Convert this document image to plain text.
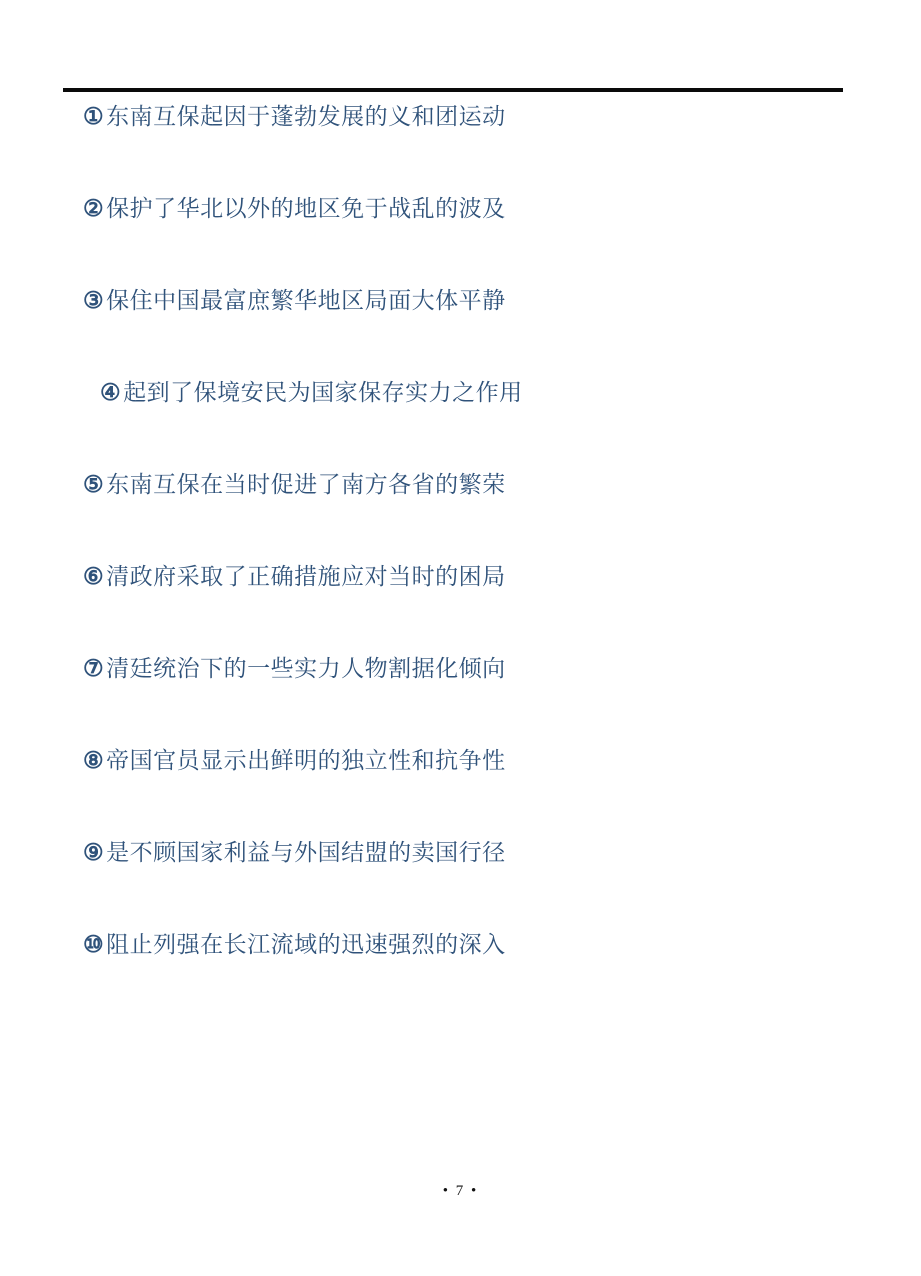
①东南互保起因于蓬勃发展的义和团运动
②保护了华北以外的地区免于战乱的波及
③保住中国最富庶繁华地区局面大体平静
④起到了保境安民为国家保存实力之作用
⑤东南互保在当时促进了南方各省的繁荣
⑥清政府采取了正确措施应对当时的困局
⑦清廷统治下的一些实力人物割据化倾向
⑧帝国官员显示出鲜明的独立性和抗争性
⑨是不顾国家利益与外国结盟的卖国行径
⑩阻止列强在长江流域的迅速强烈的深入
• 7 •
